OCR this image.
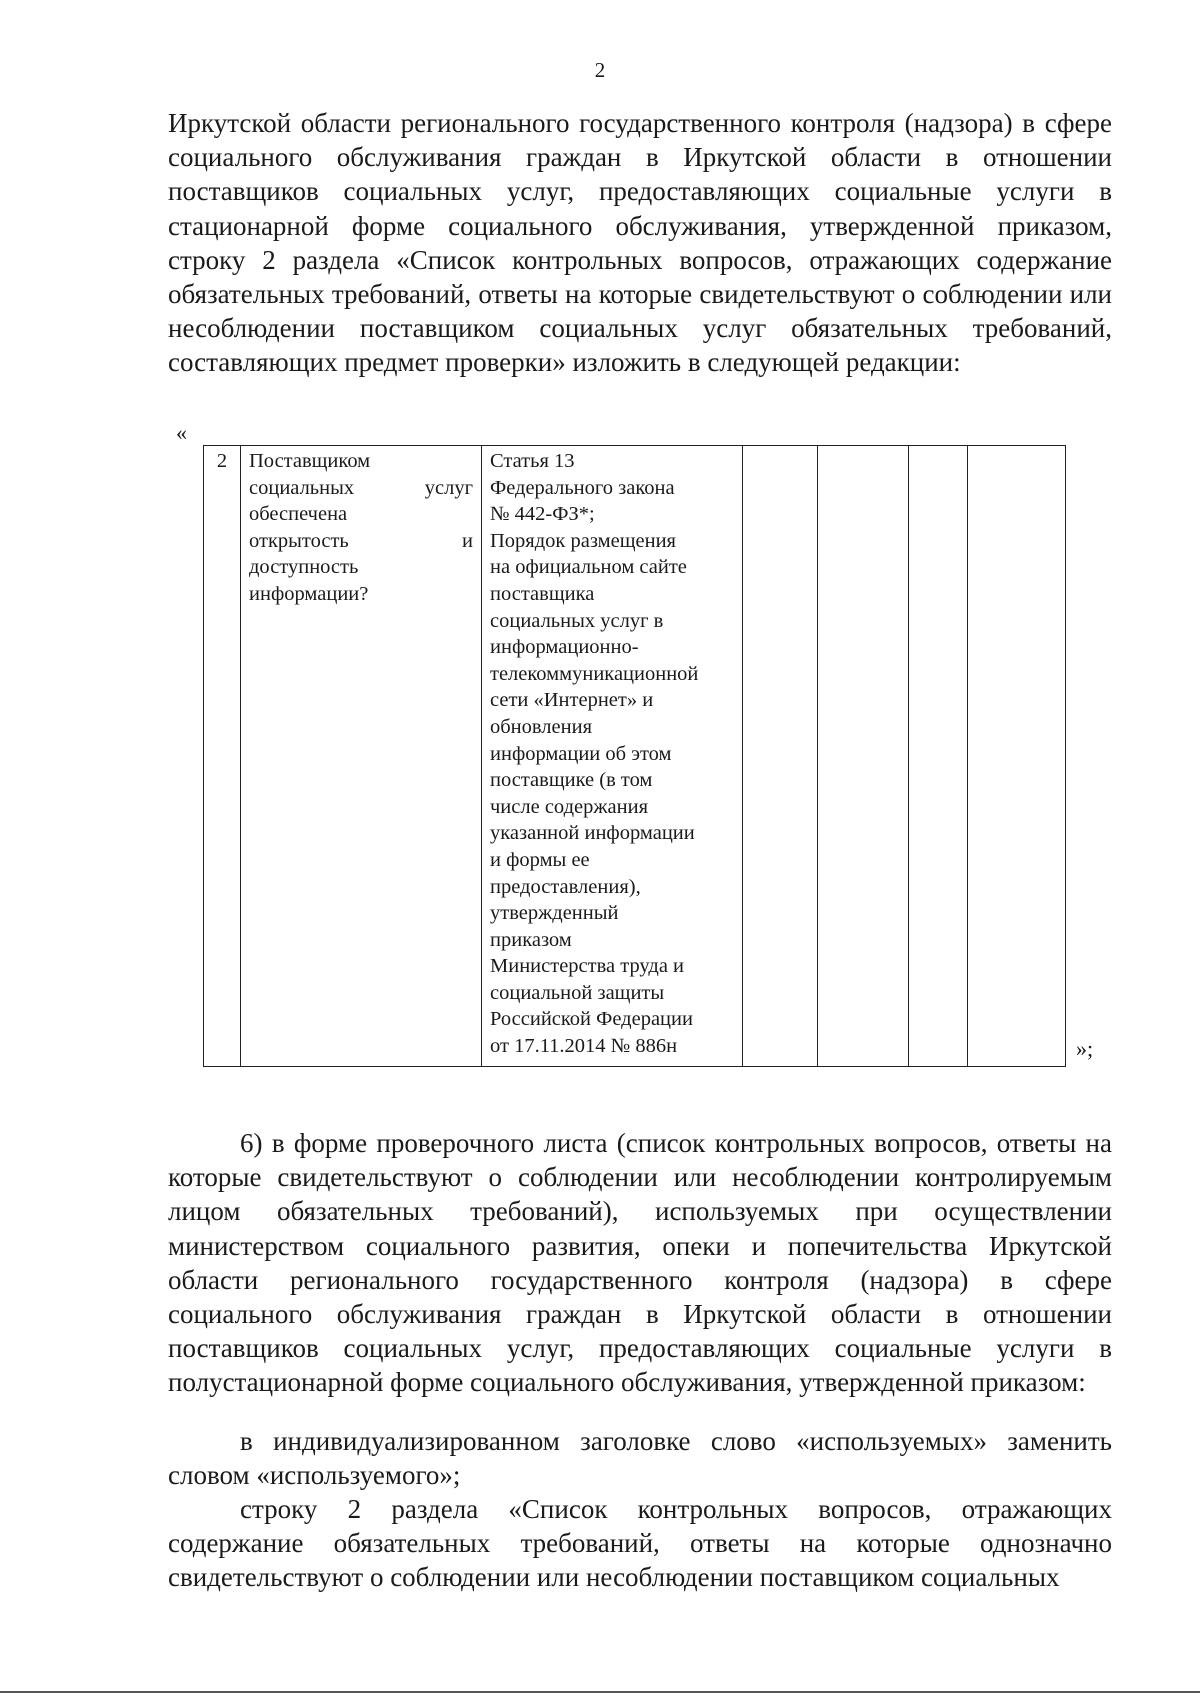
2

Иркутской области регионального государственного контроля (надзора) в сфере социального обслуживания граждан в Иркутской области в отношении поставщиков социальных услуг, предоставляющих социальные услуги в стационарной форме социального обслуживания, утвержденной приказом, строку 2 раздела «Список контрольных вопросов, отражающих содержание обязательных требований, ответы на которые свидетельствуют о соблюдении или несоблюдении поставщиком социальных услуг обязательных требований, составляющих предмет проверки» изложить в следующей редакции:

«
2	Поставщиком
социальных услуг
обеспечена
открытость и
доступность
информации?
	Статья 13
Федерального закона
№ 442-ФЗ*;
Порядок размещения
на официальном сайте
поставщика
социальных услуг в
информационно-
телекоммуникационной
сети «Интернет» и
обновления
информации об этом
поставщике (в том
числе содержания
указанной информации
и формы ее
предоставления),
утвержденный
приказом
Министерства труда и
социальной защиты
Российской Федерации
от 17.11.2014 № 886н					»;

6) в форме проверочного листа (список контрольных вопросов, ответы на которые свидетельствуют о соблюдении или несоблюдении контролируемым лицом обязательных требований), используемых при осуществлении министерством социального развития, опеки и попечительства Иркутской области регионального государственного контроля (надзора) в сфере социального обслуживания граждан в Иркутской области в отношении поставщиков социальных услуг, предоставляющих социальные услуги в полустационарной форме социального обслуживания, утвержденной приказом:

в индивидуализированном заголовке слово «используемых» заменить словом «используемого»;

строку 2 раздела «Список контрольных вопросов, отражающих содержание обязательных требований, ответы на которые однозначно свидетельствуют о соблюдении или несоблюдении поставщиком социальных
